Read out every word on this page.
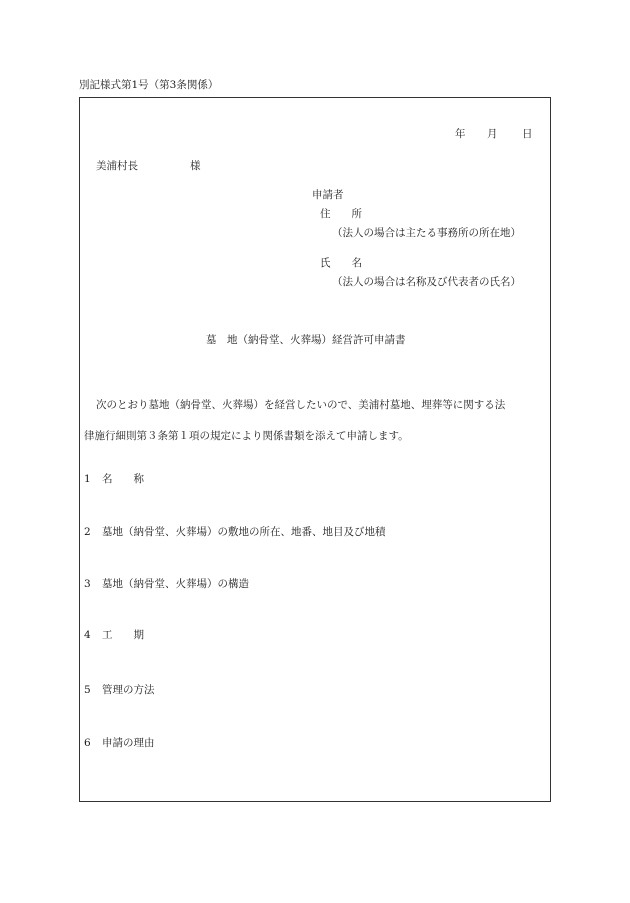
別記様式第1号（第3条関係）
年 月 日
美浦村長	様
申請者
住　　所
（法人の場合は主たる事務所の所在地）
氏　　名
（法人の場合は名称及び代表者の氏名）
墓　地（納骨堂、火葬場）経営許可申請書
次のとおり墓地（納骨堂、火葬場）を経営したいので、美浦村墓地、埋葬等に関する法
律施行細則第３条第１項の規定により関係書類を添えて申請します。
1 名　　称
2 墓地（納骨堂、火葬場）の敷地の所在、地番、地目及び地積
3 墓地（納骨堂、火葬場）の構造
4 工　　期
5 管理の方法
6 申請の理由
